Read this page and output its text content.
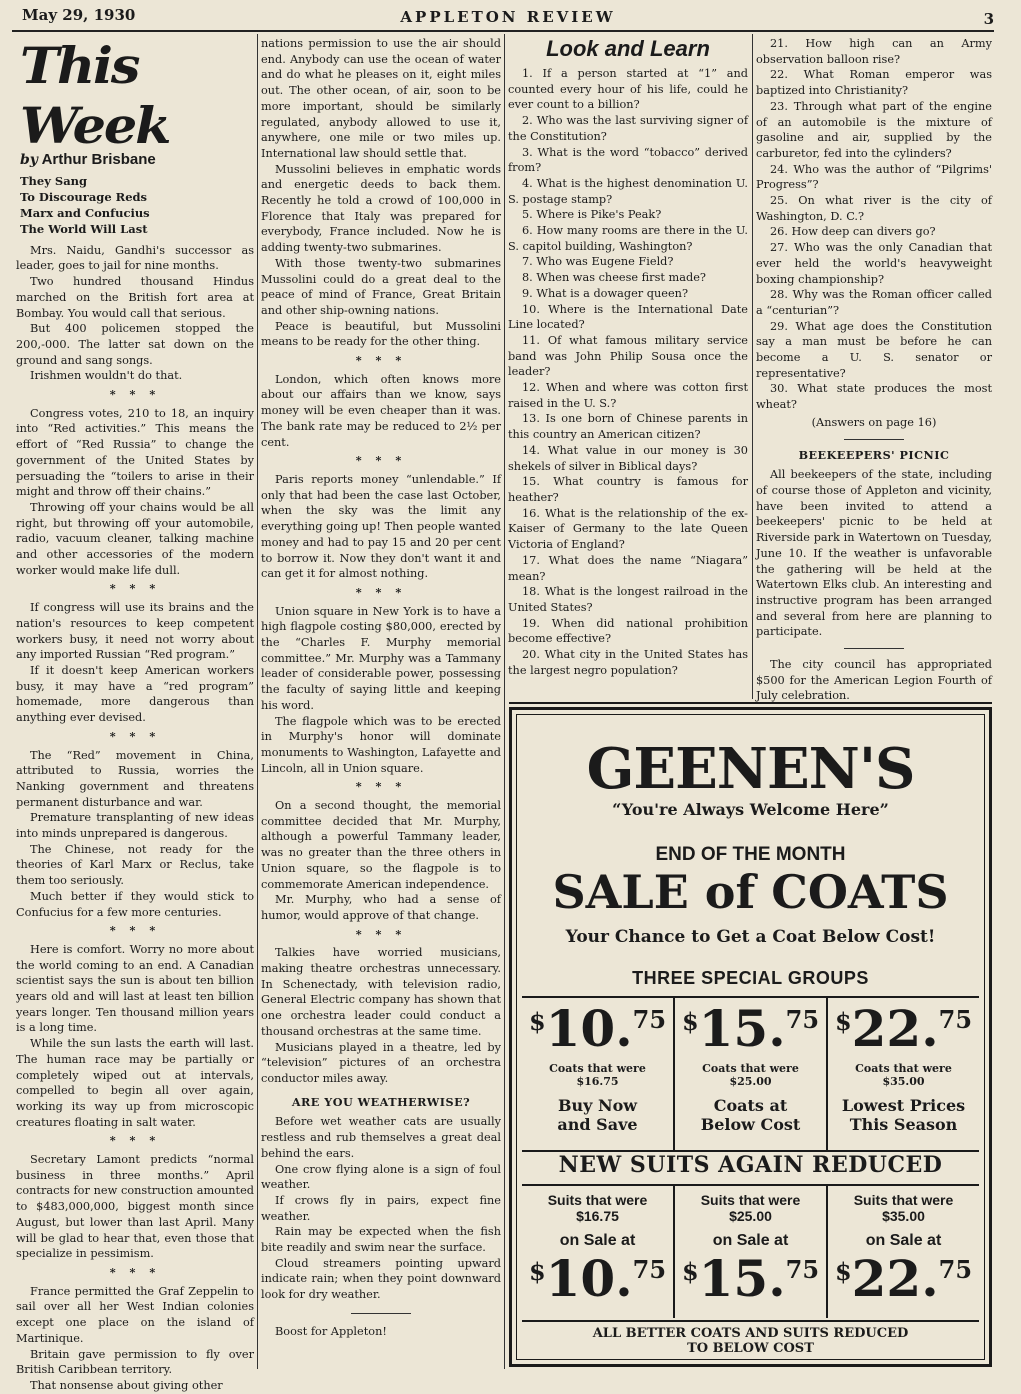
May 29, 1930	APPLETON REVIEW	3
This Week
by Arthur Brisbane
They Sang
To Discourage Reds
Marx and Confucius
The World Will Last

Mrs. Naidu, Gandhi's successor as leader, goes to jail for nine months.

Two hundred thousand Hindus marched on the British fort area at Bombay. You would call that serious.

But 400 policemen stopped the 200,-000. The latter sat down on the ground and sang songs.

Irishmen wouldn't do that.

* * *

Congress votes, 210 to 18, an inquiry into “Red activities.” This means the effort of “Red Russia” to change the government of the United States by persuading the “toilers to arise in their might and throw off their chains.”

Throwing off your chains would be all right, but throwing off your automobile, radio, vacuum cleaner, talking machine and other accessories of the modern worker would make life dull.

* * *

If congress will use its brains and the nation's resources to keep competent workers busy, it need not worry about any imported Russian “Red program.”

If it doesn't keep American workers busy, it may have a “red program” homemade, more dangerous than anything ever devised.

* * *

The “Red” movement in China, attributed to Russia, worries the Nanking government and threatens permanent disturbance and war.

Premature transplanting of new ideas into minds unprepared is dangerous.

The Chinese, not ready for the theories of Karl Marx or Reclus, take them too seriously.

Much better if they would stick to Confucius for a few more centuries.

* * *

Here is comfort. Worry no more about the world coming to an end. A Canadian scientist says the sun is about ten billion years old and will last at least ten billion years longer. Ten thousand million years is a long time.

While the sun lasts the earth will last. The human race may be partially or completely wiped out at intervals, compelled to begin all over again, working its way up from microscopic creatures floating in salt water.

* * *

Secretary Lamont predicts “normal business in three months.” April contracts for new construction amounted to $483,000,000, biggest month since August, but lower than last April. Many will be glad to hear that, even those that specialize in pessimism.

* * *

France permitted the Graf Zeppelin to sail over all her West Indian colonies except one place on the island of Martinique.

Britain gave permission to fly over British Caribbean territory.

That nonsense about giving other

nations permission to use the air should end. Anybody can use the ocean of water and do what he pleases on it, eight miles out. The other ocean, of air, soon to be more important, should be similarly regulated, anybody allowed to use it, anywhere, one mile or two miles up. International law should settle that.

Mussolini believes in emphatic words and energetic deeds to back them. Recently he told a crowd of 100,000 in Florence that Italy was prepared for everybody, France included. Now he is adding twenty-two submarines.

With those twenty-two submarines Mussolini could do a great deal to the peace of mind of France, Great Britain and other ship-owning nations.

Peace is beautiful, but Mussolini means to be ready for the other thing.

* * *

London, which often knows more about our affairs than we know, says money will be even cheaper than it was. The bank rate may be reduced to 2½ per cent.

* * *

Paris reports money “unlendable.” If only that had been the case last October, when the sky was the limit any everything going up! Then people wanted money and had to pay 15 and 20 per cent to borrow it. Now they don't want it and can get it for almost nothing.

* * *

Union square in New York is to have a high flagpole costing $80,000, erected by the “Charles F. Murphy memorial committee.” Mr. Murphy was a Tammany leader of considerable power, possessing the faculty of saying little and keeping his word.

The flagpole which was to be erected in Murphy's honor will dominate monuments to Washington, Lafayette and Lincoln, all in Union square.

* * *

On a second thought, the memorial committee decided that Mr. Murphy, although a powerful Tammany leader, was no greater than the three others in Union square, so the flagpole is to commemorate American independence.

Mr. Murphy, who had a sense of humor, would approve of that change.

* * *

Talkies have worried musicians, making theatre orchestras unnecessary. In Schenectady, with television radio, General Electric company has shown that one orchestra leader could conduct a thousand orchestras at the same time.

Musicians played in a theatre, led by “television” pictures of an orchestra conductor miles away.

ARE YOU WEATHERWISE?

Before wet weather cats are usually restless and rub themselves a great deal behind the ears.

One crow flying alone is a sign of foul weather.

If crows fly in pairs, expect fine weather.

Rain may be expected when the fish bite readily and swim near the surface.

Cloud streamers pointing upward indicate rain; when they point downward look for dry weather.

Boost for Appleton!

Look and Learn

1. If a person started at “1” and counted every hour of his life, could he ever count to a billion?

2. Who was the last surviving signer of the Constitution?

3. What is the word “tobacco” derived from?

4. What is the highest denomination U. S. postage stamp?

5. Where is Pike's Peak?

6. How many rooms are there in the U. S. capitol building, Washington?

7. Who was Eugene Field?

8. When was cheese first made?

9. What is a dowager queen?

10. Where is the International Date Line located?

11. Of what famous military service band was John Philip Sousa once the leader?

12. When and where was cotton first raised in the U. S.?

13. Is one born of Chinese parents in this country an American citizen?

14. What value in our money is 30 shekels of silver in Biblical days?

15. What country is famous for heather?

16. What is the relationship of the ex-Kaiser of Germany to the late Queen Victoria of England?

17. What does the name “Niagara” mean?

18. What is the longest railroad in the United States?

19. When did national prohibition become effective?

20. What city in the United States has the largest negro population?

21. How high can an Army observation balloon rise?

22. What Roman emperor was baptized into Christianity?

23. Through what part of the engine of an automobile is the mixture of gasoline and air, supplied by the carburetor, fed into the cylinders?

24. Who was the author of “Pilgrims' Progress”?

25. On what river is the city of Washington, D. C.?

26. How deep can divers go?

27. Who was the only Canadian that ever held the world's heavyweight boxing championship?

28. Why was the Roman officer called a “centurian”?

29. What age does the Constitution say a man must be before he can become a U. S. senator or representative?

30. What state produces the most wheat?

(Answers on page 16)
BEEKEEPERS' PICNIC

All beekeepers of the state, including of course those of Appleton and vicinity, have been invited to attend a beekeepers' picnic to be held at Riverside park in Watertown on Tuesday, June 10. If the weather is unfavorable the gathering will be held at the Watertown Elks club. An interesting and instructive program has been arranged and several from here are planning to participate.

The city council has appropriated $500 for the American Legion Fourth of July celebration.

GEENEN'S
“You're Always Welcome Here”
END OF THE MONTH
SALE of COATS
Your Chance to Get a Coat Below Cost!
THREE SPECIAL GROUPS
$10.75
Coats that were
$16.75
Buy Now
and Save
$15.75
Coats that were
$25.00
Coats at
Below Cost
$22.75
Coats that were
$35.00
Lowest Prices
This Season
NEW SUITS AGAIN REDUCED
Suits that were
$16.75
on Sale at
$10.75
Suits that were
$25.00
on Sale at
$15.75
Suits that were
$35.00
on Sale at
$22.75
ALL BETTER COATS AND SUITS REDUCED
TO BELOW COST
